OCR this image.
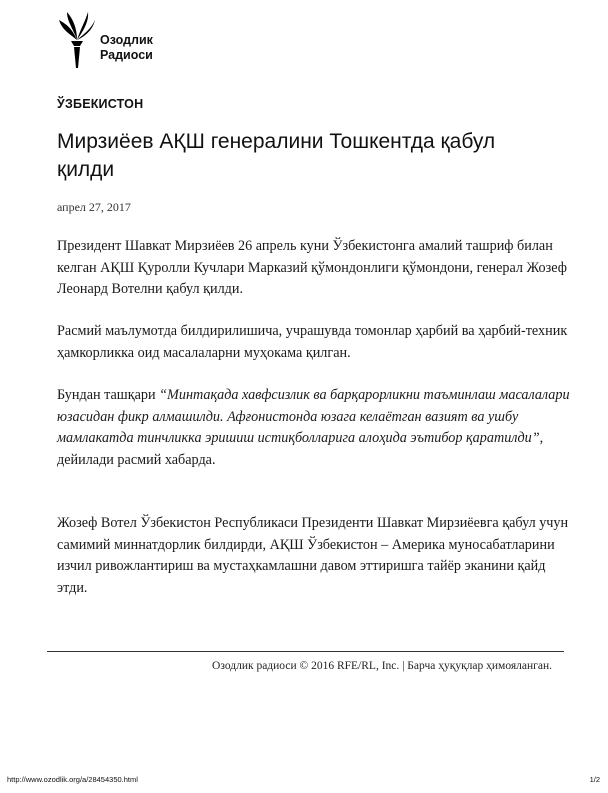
Озодлик
Радиоси
ЎЗБЕКИСТОН
Мирзиёев АҚШ генералини Тошкентда қабул қилди
апрел 27, 2017

Президент Шавкат Мирзиёев 26 апрель куни Ўзбекистонга амалий ташриф билан келган АҚШ Қуролли Кучлари Марказий қўмондонлиги қўмондони, генерал Жозеф Леонард Вотелни қабул қилди.

Расмий маълумотда билдирилишича, учрашувда томонлар ҳарбий ва ҳарбий-техник ҳамкорликка оид масалаларни муҳокама қилган.

Бундан ташқари “Минтақада хавфсизлик ва барқарорликни таъминлаш масалалари юзасидан фикр алмашилди. Афғонистонда юзага келаётган вазият ва ушбу мамлакатда тинчликка эришиш истиқболларига алоҳида эътибор қаратилди”, дейилади расмий хабарда.

Жозеф Вотел Ўзбекистон Республикаси Президенти Шавкат Мирзиёевга қабул учун самимий миннатдорлик билдирди, АҚШ Ўзбекистон – Америка муносабатларини изчил ривожлантириш ва мустаҳкамлашни давом эттиришга тайёр эканини қайд этди.

Озодлик радиоси © 2016 RFE/RL, Inc. | Барча ҳуқуқлар ҳимояланган.
http://www.ozodlik.org/a/28454350.html	1/2
